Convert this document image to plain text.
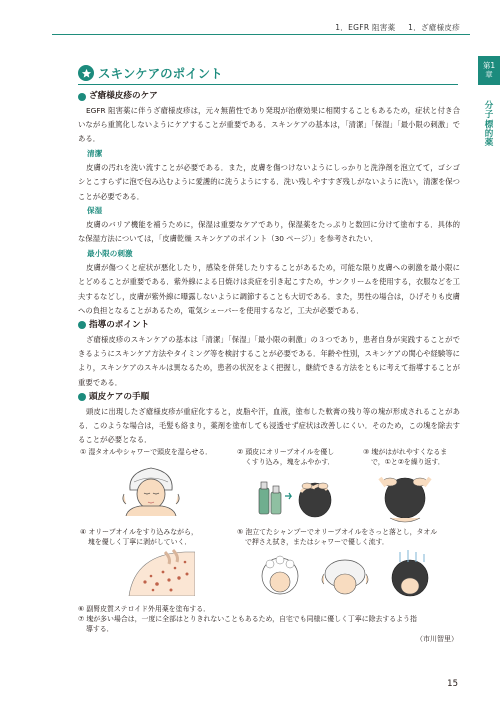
1．EGFR 阻害薬 1．ざ瘡様皮疹
第1
章
分子標的薬
スキンケアのポイント
ざ瘡様皮疹のケア
EGFR 阻害薬に伴うざ瘡様皮疹は，元々無菌性であり発現が治療効果に相関することもあるため，症状と付き合いながら重篤化しないようにケアすることが重要である．スキンケアの基本は，「清潔」「保湿」「最小限の刺激」である．
清潔
皮膚の汚れを洗い流すことが必要である．また，皮膚を傷つけないようにしっかりと洗浄剤を泡立てて，ゴシゴシとこすらずに泡で包み込むように愛護的に洗うようにする．洗い残しやすすぎ残しがないように洗い，清潔を保つことが必要である．
保湿
皮膚のバリア機能を補うために，保湿は重要なケアであり，保湿薬をたっぷりと数回に分けて塗布する．具体的な保湿方法については，「皮膚乾燥 スキンケアのポイント（30 ページ）」を参考されたい．
最小限の刺激
皮膚が傷つくと症状が悪化したり，感染を併発したりすることがあるため，可能な限り皮膚への刺激を最小限にとどめることが重要である．紫外線による日焼けは炎症を引き起こすため，サンクリームを使用する，衣服などを工夫するなどし，皮膚が紫外線に曝露しないように調節することも大切である．また，男性の場合は，ひげそりも皮膚への負担となることがあるため，電気シェーバーを使用するなど，工夫が必要である．
指導のポイント
ざ瘡様皮疹のスキンケアの基本は「清潔」「保湿」「最小限の刺激」の３つであり，患者自身が実践することができるようにスキンケア方法やタイミング等を検討することが必要である．年齢や性別，スキンケアの関心や経験等により，スキンケアのスキルは異なるため，患者の状況をよく把握し，継続できる方法をともに考えて指導することが重要である．
頭皮ケアの手順
頭皮に出現したざ瘡様皮疹が重症化すると，皮脂や汗，血液，塗布した軟膏の残り等の塊が形成されることがある．このような場合は，毛髪も絡まり，薬剤を塗布しても浸透せず症状は改善しにくい．そのため，この塊を除去することが必要となる．
① 湿タオルやシャワーで頭皮を湿らせる．	② 頭皮にオリーブオイルを優し
くすり込み，塊をふやかす．
③ 塊がはがれやすくなるま
で，①と②を繰り返す．
④ オリーブオイルをすり込みながら，
塊を優しく丁寧に剥がしていく．
⑤ 泡立てたシャンプーでオリーブオイルをさっと落とし，タオル
で押さえ拭き，またはシャワーで優しく流す．
⑥ 副腎皮質ステロイド外用薬を塗布する．
⑦ 塊が多い場合は，一度に全部はとりきれないこともあるため，自宅でも同様に優しく丁寧に除去するよう指
導する．
（市川智里）
15
